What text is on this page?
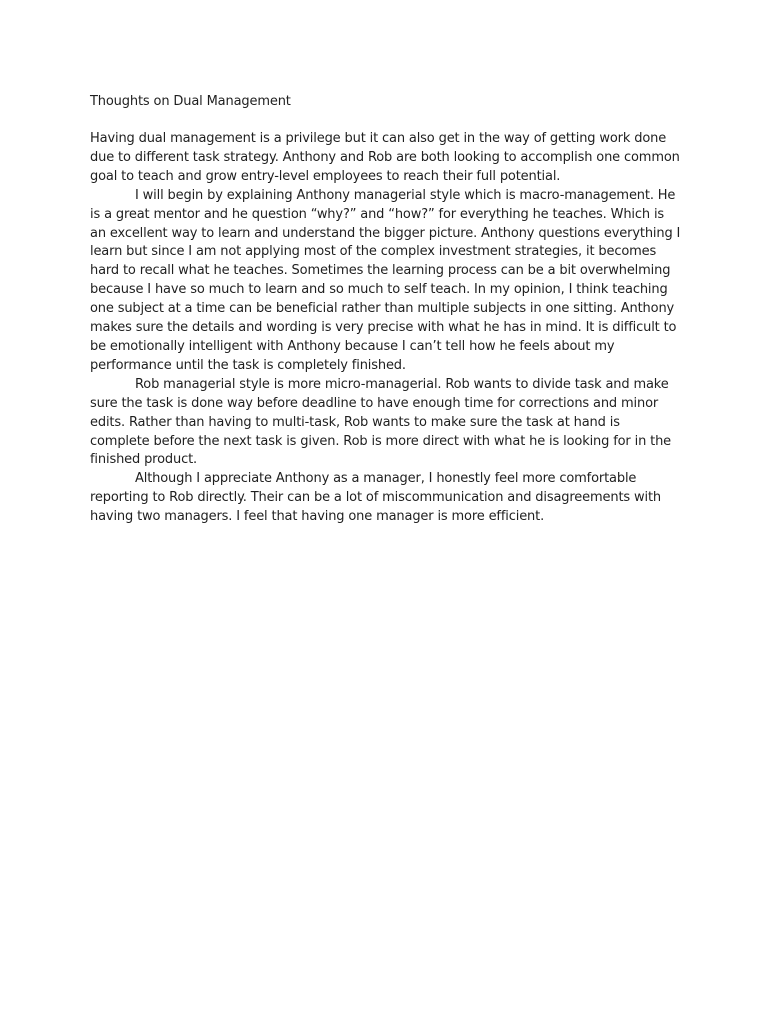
Thoughts on Dual Management

Having dual management is a privilege but it can also get in the way of getting work done due to different task strategy. Anthony and Rob are both looking to accomplish one common goal to teach and grow entry-level employees to reach their full potential.

I will begin by explaining Anthony managerial style which is macro-management. He is a great mentor and he question “why?” and “how?” for everything he teaches. Which is an excellent way to learn and understand the bigger picture. Anthony questions everything I learn but since I am not applying most of the complex investment strategies, it becomes hard to recall what he teaches. Sometimes the learning process can be a bit overwhelming because I have so much to learn and so much to self teach. In my opinion, I think teaching one subject at a time can be beneficial rather than multiple subjects in one sitting. Anthony makes sure the details and wording is very precise with what he has in mind. It is difficult to be emotionally intelligent with Anthony because I can’t tell how he feels about my performance until the task is completely finished.

Rob managerial style is more micro-managerial. Rob wants to divide task and make sure the task is done way before deadline to have enough time for corrections and minor edits. Rather than having to multi-task, Rob wants to make sure the task at hand is complete before the next task is given. Rob is more direct with what he is looking for in the finished product.

Although I appreciate Anthony as a manager, I honestly feel more comfortable reporting to Rob directly. Their can be a lot of miscommunication and disagreements with having two managers. I feel that having one manager is more efficient.
